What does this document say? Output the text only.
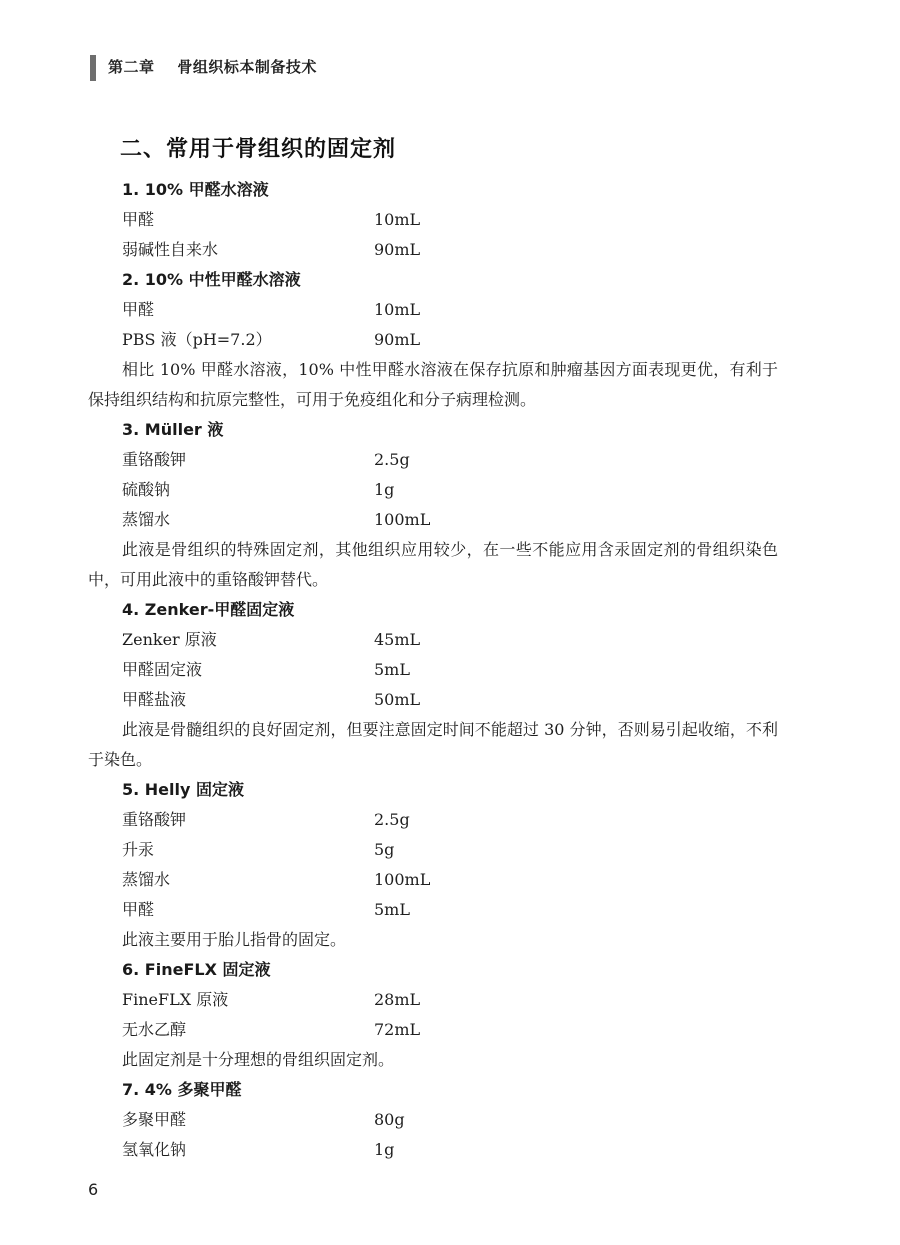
第二章 骨组织标本制备技术
二、常用于骨组织的固定剂
1. 10% 甲醛水溶液
甲醛	10mL
弱碱性自来水	90mL
2. 10% 中性甲醛水溶液
甲醛	10mL
PBS 液（pH=7.2）	90mL
相比 10% 甲醛水溶液，10% 中性甲醛水溶液在保存抗原和肿瘤基因方面表现更优，有利于保持组织结构和抗原完整性，可用于免疫组化和分子病理检测。
3. Müller 液
重铬酸钾	2.5g
硫酸钠	1g
蒸馏水	100mL
此液是骨组织的特殊固定剂，其他组织应用较少，在一些不能应用含汞固定剂的骨组织染色中，可用此液中的重铬酸钾替代。
4. Zenker-甲醛固定液
Zenker 原液	45mL
甲醛固定液	5mL
甲醛盐液	50mL
此液是骨髓组织的良好固定剂，但要注意固定时间不能超过 30 分钟，否则易引起收缩，不利于染色。
5. Helly 固定液
重铬酸钾	2.5g
升汞	5g
蒸馏水	100mL
甲醛	5mL
此液主要用于胎儿指骨的固定。
6. FineFLX 固定液
FineFLX 原液	28mL
无水乙醇	72mL
此固定剂是十分理想的骨组织固定剂。
7. 4% 多聚甲醛
多聚甲醛	80g
氢氧化钠	1g
6
